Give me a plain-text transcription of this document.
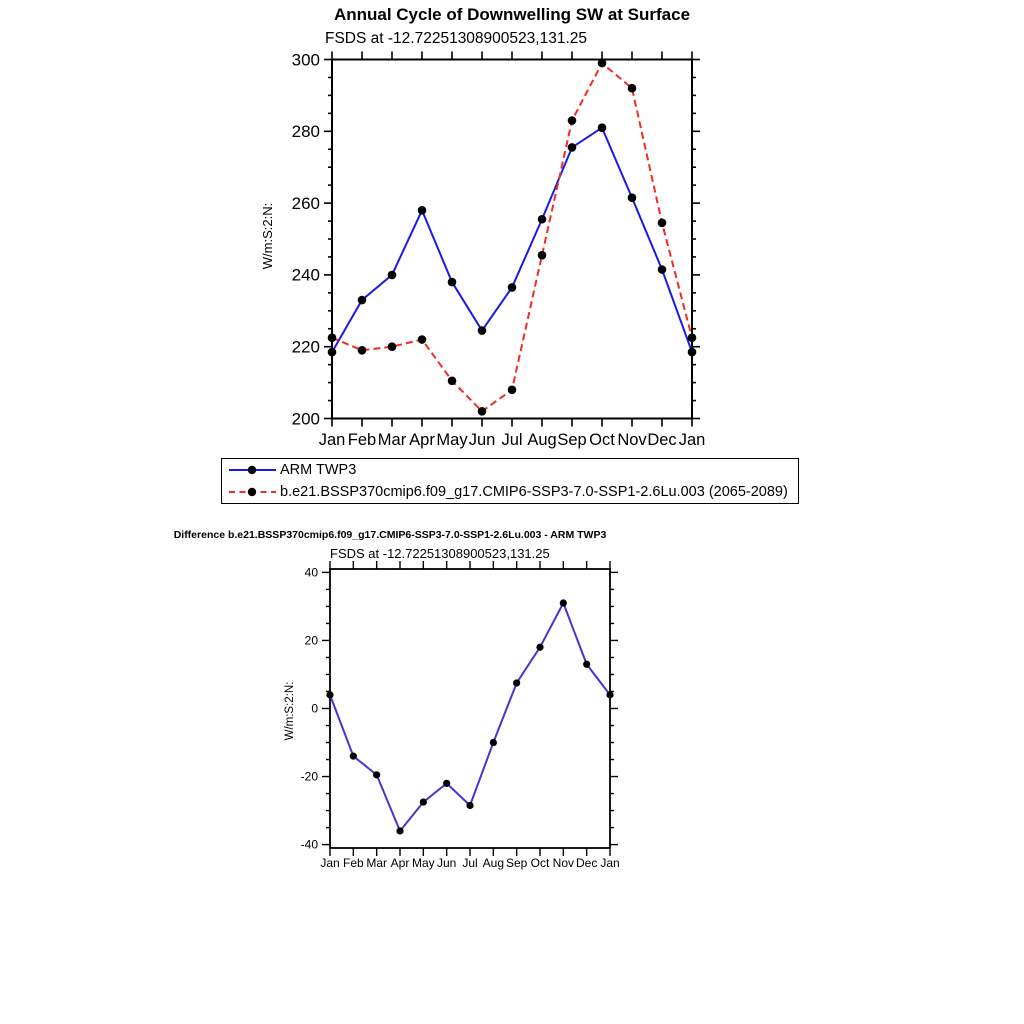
Annual Cycle of Downwelling SW at Surface
FSDS at -12.72251308900523,131.25
W/m:S:2:N:
200
220
240
260
280
300
Jan Feb Mar Apr May Jun Jul Aug Sep Oct Nov Dec Jan
ARM TWP3
b.e21.BSSP370cmip6.f09_g17.CMIP6-SSP3-7.0-SSP1-2.6Lu.003 (2065-2089)
Difference b.e21.BSSP370cmip6.f09_g17.CMIP6-SSP3-7.0-SSP1-2.6Lu.003 - ARM TWP3
FSDS at -12.72251308900523,131.25
W/m:S:2:N:
-40
-20
0
20
40
Jan Feb Mar Apr May Jun Jul Aug Sep Oct Nov Dec Jan
